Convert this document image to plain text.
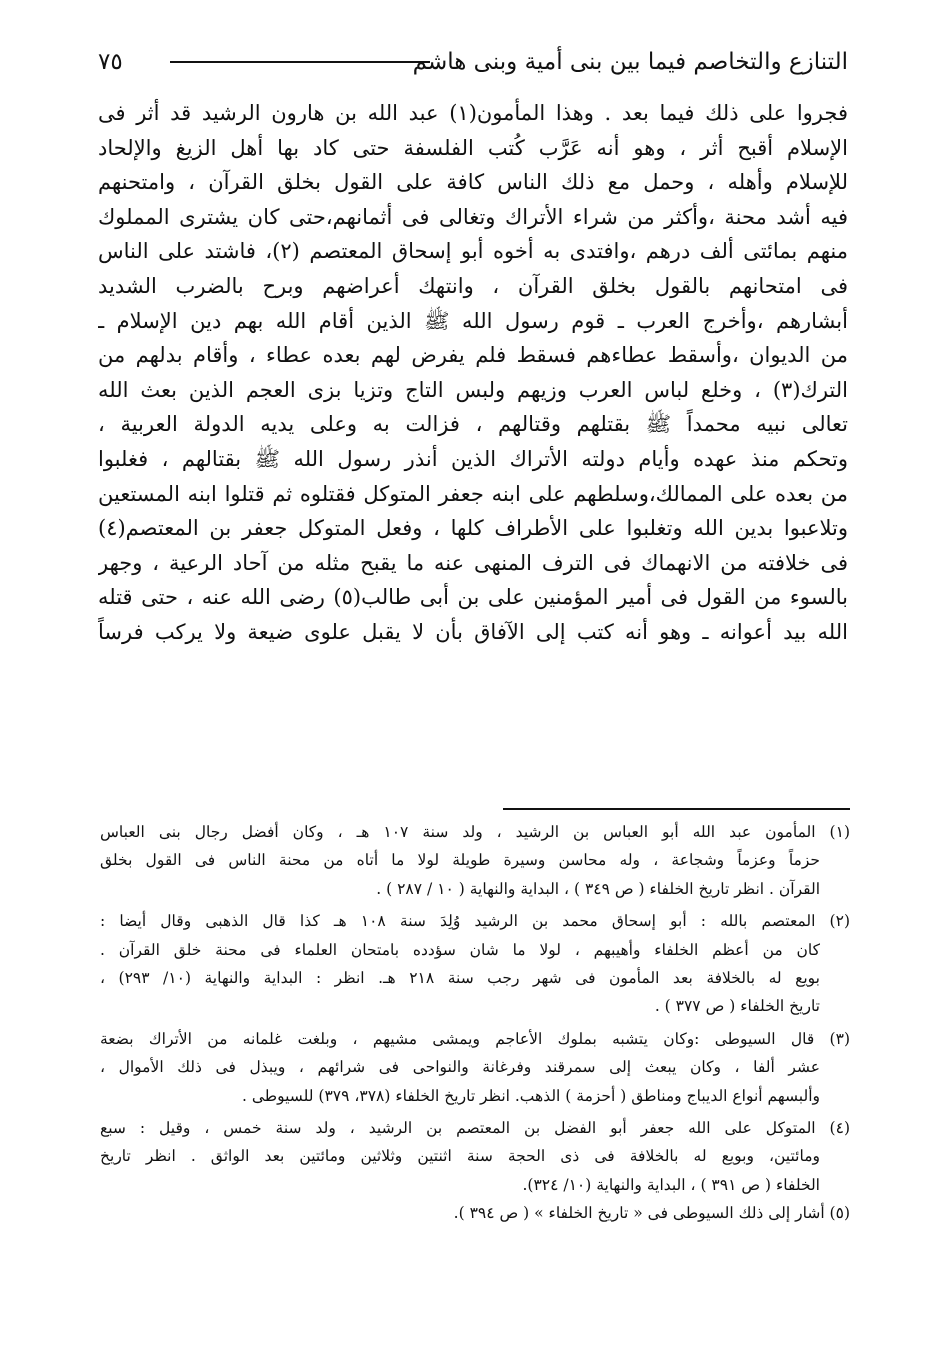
٧٥	التنازع والتخاصم فيما بين بنى أمية وبنى هاشم
فجروا على ذلك فيما بعد . وهذا المأمون(١) عبد الله بن هارون الرشيد قد أثر فى
الإسلام أقبح أثر ، وهو أنه عَرَّب كُتب الفلسفة حتى كاد بها أهل الزيغ والإلحاد
للإسلام وأهله ، وحمل مع ذلك الناس كافة على القول بخلق القرآن ، وامتحنهم
فيه أشد محنة ،وأكثر من شراء الأتراك وتغالى فى أثمانهم،حتى كان يشترى المملوك
منهم بمائتى ألف درهم ،وافتدى به أخوه أبو إسحاق المعتصم (٢)، فاشتد على الناس
فى امتحانهم بالقول بخلق القرآن ، وانتهك أعراضهم وبرح بالضرب الشديد
أبشارهم ،وأخرج العرب ـ قوم رسول الله ﷺ الذين أقام الله بهم دين الإسلام ـ
من الديوان ،وأسقط عطاءهم فسقط فلم يفرض لهم بعده عطاء ، وأقام بدلهم من
الترك(٣) ، وخلع لباس العرب وزيهم ولبس التاج وتزيا بزى العجم الذين بعث الله
تعالى نبيه محمداً ﷺ بقتلهم وقتالهم ، فزالت به وعلى يديه الدولة العربية ،
وتحكم منذ عهده وأيام دولته الأتراك الذين أنذر رسول الله ﷺ بقتالهم ، فغلبوا
من بعده على الممالك،وسلطهم على ابنه جعفر المتوكل فقتلوه ثم قتلوا ابنه المستعين
وتلاعبوا بدين الله وتغلبوا على الأطراف كلها ، وفعل المتوكل جعفر بن المعتصم(٤)
فى خلافته من الانهماك فى الترف المنهى عنه ما يقبح مثله من آحاد الرعية ، وجهر
بالسوء من القول فى أمير المؤمنين على بن أبى طالب(٥) رضى الله عنه ، حتى قتله
الله بيد أعوانه ـ وهو أنه كتب إلى الآفاق بأن لا يقبل علوى ضيعة ولا يركب فرساً
(١) المأمون عبد الله أبو العباس بن الرشيد ، ولد سنة ١٠٧ هـ ، وكان أفضل رجال بنى العباس
حزماً وعزماً وشجاعة ، وله محاسن وسيرة طويلة لولا ما أتاه من محنة الناس فى القول بخلق
القرآن . انظر تاريخ الخلفاء ( ص ٣٤٩ ) ، البداية والنهاية ( ١٠ / ٢٨٧ ) .
(٢) المعتصم بالله : أبو إسحاق محمد بن الرشيد وُلِدَ سنة ١٠٨ هـ كذا قال الذهبى وقال أيضا :
كان من أعظم الخلفاء وأهيبهم ، لولا ما شان سؤدده بامتحان العلماء فى محنة خلق القرآن .
بويع له بالخلافة بعد المأمون فى شهر رجب سنة ٢١٨ هـ. انظر : البداية والنهاية (١٠/ ٢٩٣) ،
تاريخ الخلفاء ( ص ٣٧٧ ) .
(٣) قال السيوطى :وكان يتشبه بملوك الأعاجم ويمشى مشيهم ، وبلغت غلمانه من الأتراك بضعة
عشر ألفا ، وكان يبعث إلى سمرقند وفرغانة والنواحى فى شرائهم ، ويبذل فى ذلك الأموال ،
وألبسهم أنواع الديباج ومناطق ( أحزمة ) الذهب. انظر تاريخ الخلفاء (٣٧٨، ٣٧٩) للسيوطى .
(٤) المتوكل على الله جعفر أبو الفضل بن المعتصم بن الرشيد ، ولد سنة خمس ، وقيل : سبع
ومائتين، وبويع له بالخلافة فى ذى الحجة سنة اثنتين وثلاثين ومائتين بعد الواثق . انظر تاريخ
الخلفاء ( ص ٣٩١ ) ، البداية والنهاية (١٠/ ٣٢٤).
(٥) أشار إلى ذلك السيوطى فى « تاريخ الخلفاء » ( ص ٣٩٤ ).
